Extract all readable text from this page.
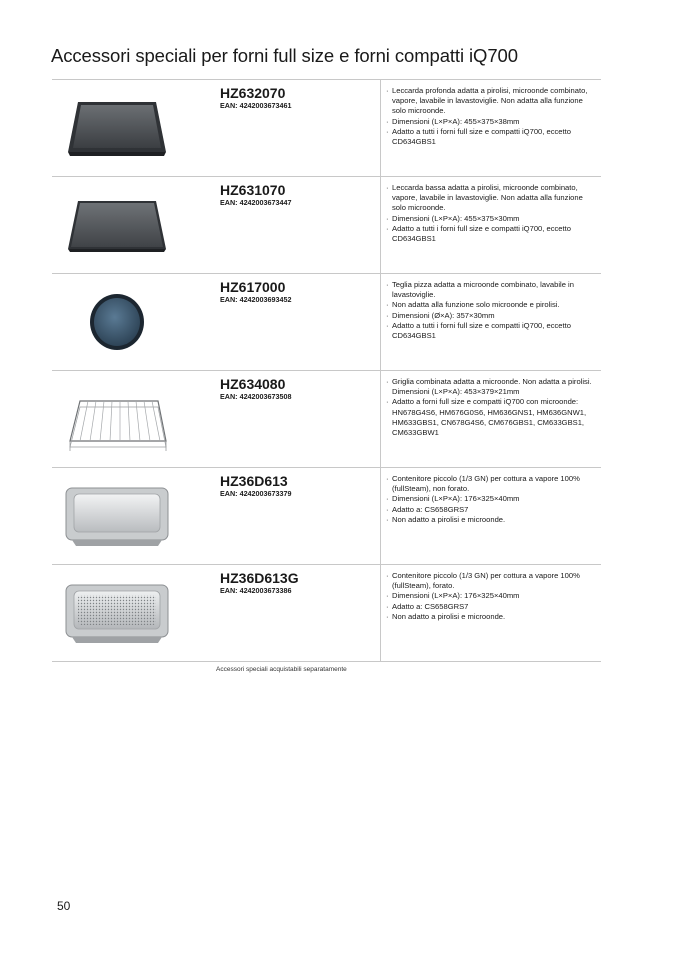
Accessori speciali per forni full size e forni compatti iQ700
HZ632070
EAN: 4242003673461
· Leccarda profonda adatta a pirolisi, microonde combinato, vapore, lavabile in lavastoviglie. Non adatta alla funzione solo microonde.
· Dimensioni (L×P×A): 455×375×38mm
· Adatto a tutti i forni full size e compatti iQ700, eccetto CD634GBS1
HZ631070
EAN: 4242003673447
· Leccarda bassa adatta a pirolisi, microonde combinato, vapore, lavabile in lavastoviglie. Non adatta alla funzione solo microonde.
· Dimensioni (L×P×A): 455×375×30mm
· Adatto a tutti i forni full size e compatti iQ700, eccetto CD634GBS1
HZ617000
EAN: 4242003693452
· Teglia pizza adatta a microonde combinato, lavabile in lavastoviglie.
· Non adatta alla funzione solo microonde e pirolisi.
· Dimensioni (Ø×A): 357×30mm
· Adatto a tutti i forni full size e compatti iQ700, eccetto CD634GBS1
HZ634080
EAN: 4242003673508
· Griglia combinata adatta a microonde. Non adatta a pirolisi. Dimensioni (L×P×A): 453×379×21mm
· Adatto a forni full size e compatti iQ700 con microonde: HN678G4S6, HM676G0S6, HM636GNS1, HM636GNW1, HM633GBS1, CN678G4S6, CM676GBS1, CM633GBS1, CM633GBW1
HZ36D613
EAN: 4242003673379
· Contenitore piccolo (1/3 GN) per cottura a vapore 100% (fullSteam), non forato.
· Dimensioni (L×P×A): 176×325×40mm
· Adatto a: CS658GRS7
· Non adatto a pirolisi e microonde.
HZ36D613G
EAN: 4242003673386
· Contenitore piccolo (1/3 GN) per cottura a vapore 100% (fullSteam), forato.
· Dimensioni (L×P×A): 176×325×40mm
· Adatto a: CS658GRS7
· Non adatto a pirolisi e microonde.
Accessori speciali acquistabili separatamente
50
